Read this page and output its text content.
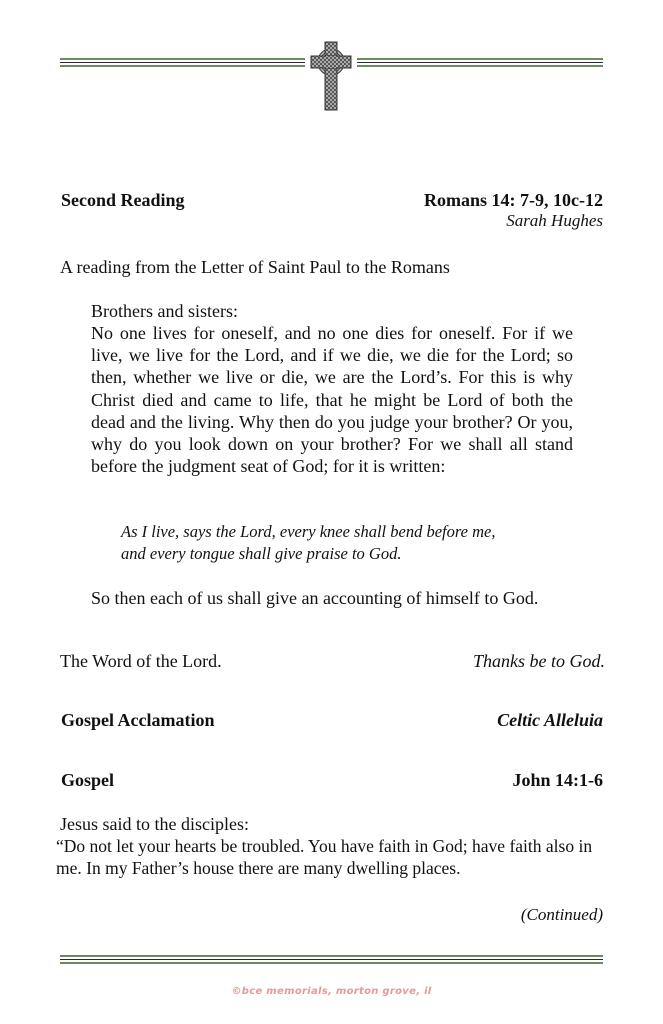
Second Reading	Romans 14: 7-9, 10c-12
Sarah Hughes
A reading from the Letter of Saint Paul to the Romans
Brothers and sisters:
No one lives for oneself, and no one dies for oneself. For if we live, we live for the Lord, and if we die, we die for the Lord; so then, whether we live or die, we are the Lord’s. For this is why Christ died and came to life, that he might be Lord of both the dead and the living. Why then do you judge your brother? Or you, why do you look down on your brother? For we shall all stand before the judgment seat of God; for it is written:
As I live, says the Lord, every knee shall bend before me,
and every tongue shall give praise to God.
So then each of us shall give an accounting of himself to God.
The Word of the Lord.	Thanks be to God.
Gospel Acclamation	Celtic Alleluia
Gospel	John 14:1-6
Jesus said to the disciples:
“Do not let your hearts be troubled. You have faith in God; have faith also in me. In my Father’s house there are many dwelling places.
(Continued)
©bce memorials, morton grove, il
